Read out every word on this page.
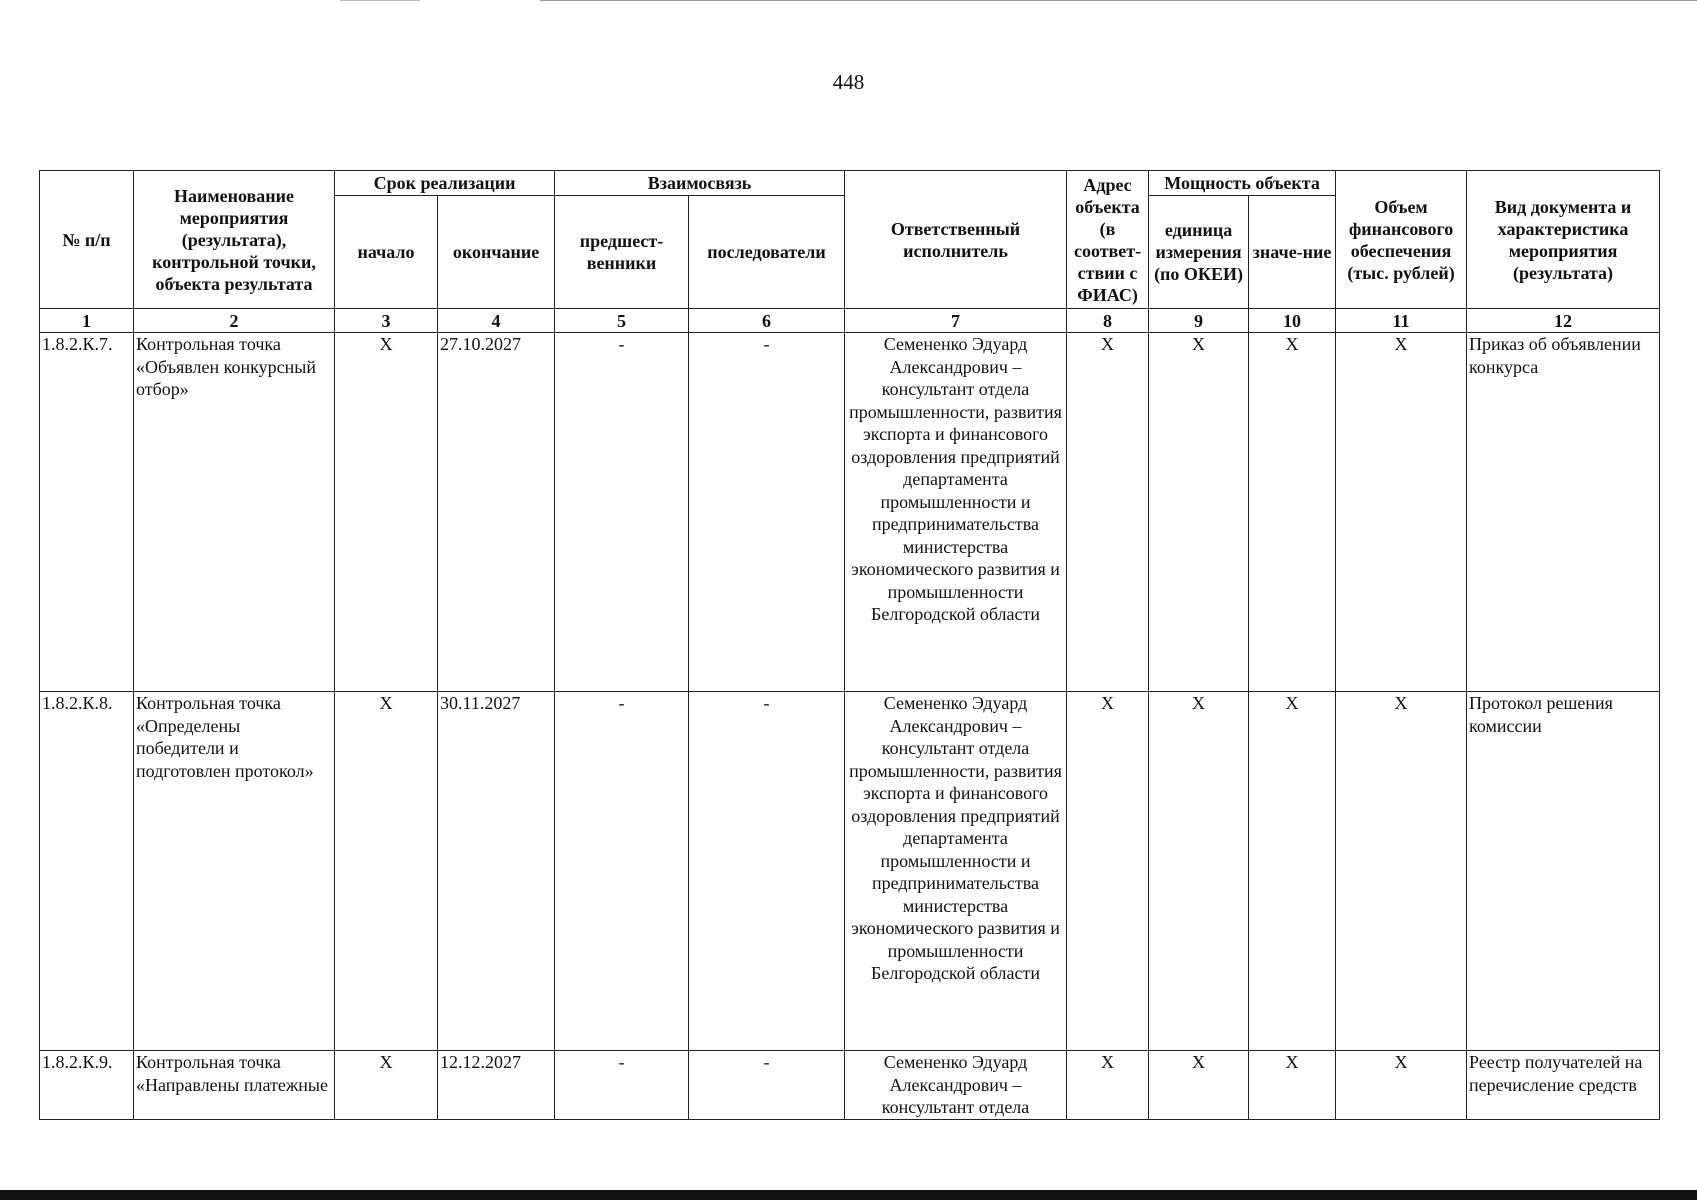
448
№ п/п	Наименование мероприятия (результата), контрольной точки, объекта результата	Срок реализации		Взаимосвязь		Ответственный исполнитель	Адрес объекта (в соответ-ствии с ФИАС)	Мощность объекта		Объем финансового обеспечения (тыс. рублей)	Вид документа и характеристика мероприятия (результата)
		начало	окончание	предшест-венники	последователи			единица измерения (по ОКЕИ)	значе-ние		
1	2	3	4	5	6	7	8	9	10	11	12
1.8.2.К.7.	Контрольная точка «Объявлен конкурсный отбор»	X	27.10.2027	-	-	Семененко Эдуард Александрович – консультант отдела промышленности, развития экспорта и финансового оздоровления предприятий департамента промышленности и предпринимательства министерства экономического развития и промышленности Белгородской области	X	X	X	X	Приказ об объявлении конкурса
1.8.2.К.8.	Контрольная точка «Определены победители и подготовлен протокол»	X	30.11.2027	-	-	Семененко Эдуард Александрович – консультант отдела промышленности, развития экспорта и финансового оздоровления предприятий департамента промышленности и предпринимательства министерства экономического развития и промышленности Белгородской области	X	X	X	X	Протокол решения комиссии
1.8.2.К.9.	Контрольная точка «Направлены платежные	X	12.12.2027	-	-	Семененко Эдуард Александрович – консультант отдела	X	X	X	X	Реестр получателей на перечисление средств
